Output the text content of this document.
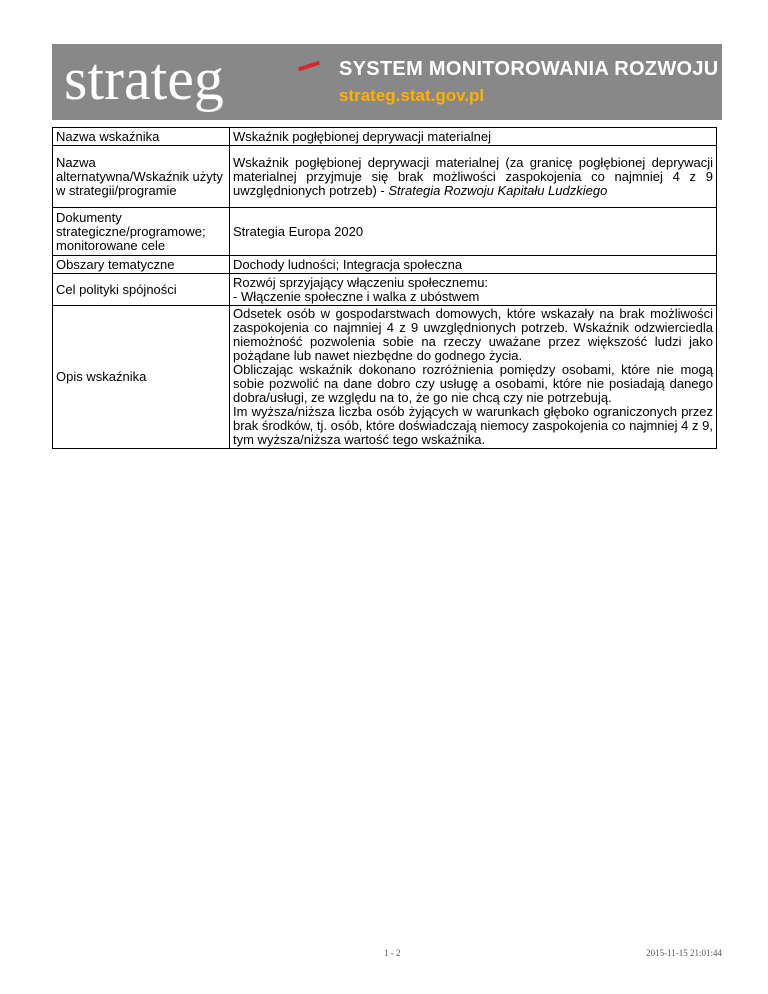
strateg	SYSTEM MONITOROWANIA ROZWOJU
strateg.stat.gov.pl
Nazwa wskaźnika	Wskaźnik pogłębionej deprywacji materialnej
Nazwa alternatywna/Wskaźnik użyty w strategii/programie	Wskaźnik pogłębionej deprywacji materialnej (za granicę pogłębionej deprywacji materialnej przyjmuje się brak możliwości zaspokojenia co najmniej 4 z 9 uwzględnionych potrzeb) - Strategia Rozwoju Kapitału Ludzkiego
Dokumenty strategiczne/programowe; monitorowane cele	Strategia Europa 2020
Obszary tematyczne	Dochody ludności; Integracja społeczna
Cel polityki spójności	Rozwój sprzyjający włączeniu społecznemu:
- Włączenie społeczne i walka z ubóstwem

Opis wskaźnika	Odsetek osób w gospodarstwach domowych, które wskazały na brak możliwości zaspokojenia co najmniej 4 z 9 uwzględnionych potrzeb. Wskaźnik odzwierciedla niemożność pozwolenia sobie na rzeczy uważane przez większość ludzi jako pożądane lub nawet niezbędne do godnego życia.
Obliczając wskaźnik dokonano rozróżnienia pomiędzy osobami, które nie mogą sobie pozwolić na dane dobro czy usługę a osobami, które nie posiadają danego dobra/usługi, ze względu na to, że go nie chcą czy nie potrzebują.
Im wyższa/niższa liczba osób żyjących w warunkach głęboko ograniczonych przez brak środków, tj. osób, które doświadczają niemocy zaspokojenia co najmniej 4 z 9, tym wyższa/niższa wartość tego wskaźnika.
1 - 2	2015-11-15 21:01:44
